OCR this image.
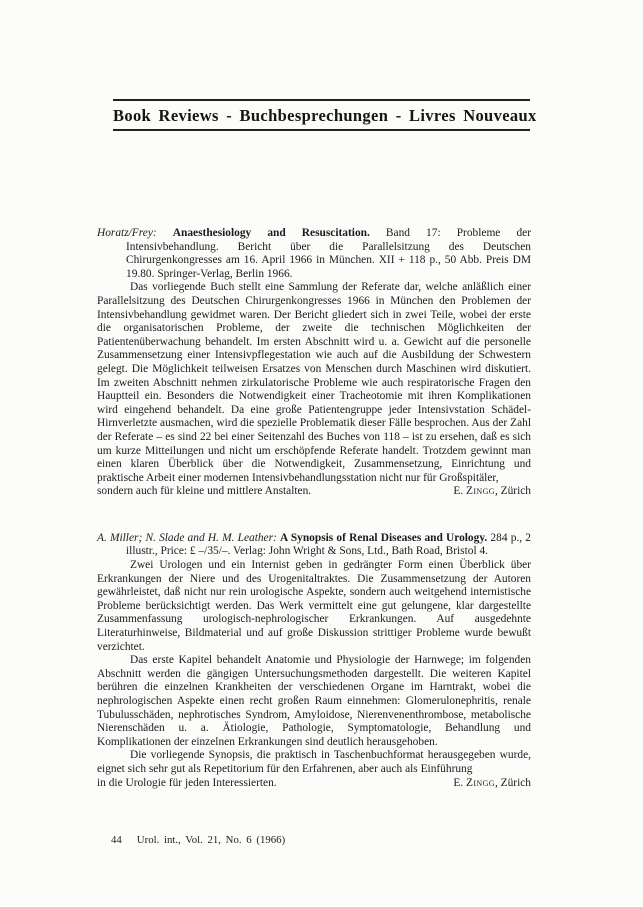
Book Reviews - Buchbesprechungen - Livres Nouveaux

Horatz/Frey: Anaesthesiology and Resuscitation. Band 17: Probleme der Intensivbehandlung. Bericht über die Parallelsitzung des Deutschen Chirurgenkongresses am 16. April 1966 in München. XII + 118 p., 50 Abb. Preis DM 19.80. Springer-Verlag, Berlin 1966.

Das vorliegende Buch stellt eine Sammlung der Referate dar, welche anläßlich einer Parallelsitzung des Deutschen Chirurgenkongresses 1966 in München den Problemen der Intensivbehandlung gewidmet waren. Der Bericht gliedert sich in zwei Teile, wobei der erste die organisatorischen Probleme, der zweite die technischen Möglichkeiten der Patientenüberwachung behandelt. Im ersten Abschnitt wird u. a. Gewicht auf die personelle Zusammensetzung einer Intensivpflegestation wie auch auf die Ausbildung der Schwestern gelegt. Die Möglichkeit teilweisen Ersatzes von Menschen durch Maschinen wird diskutiert. Im zweiten Abschnitt nehmen zirkulatorische Probleme wie auch respiratorische Fragen den Hauptteil ein. Besonders die Notwendigkeit einer Tracheotomie mit ihren Komplikationen wird eingehend behandelt. Da eine große Patientengruppe jeder Intensivstation Schädel-Hirnverletzte ausmachen, wird die spezielle Problematik dieser Fälle besprochen. Aus der Zahl der Referate – es sind 22 bei einer Seitenzahl des Buches von 118 – ist zu ersehen, daß es sich um kurze Mitteilungen und nicht um erschöpfende Referate handelt. Trotzdem gewinnt man einen klaren Überblick über die Notwendigkeit, Zusammensetzung, Einrichtung und praktische Arbeit einer modernen Intensivbehandlungsstation nicht nur für Großspitäler,

sondern auch für kleine und mittlere Anstalten.	E. Zingg, Zürich

A. Miller; N. Slade and H. M. Leather: A Synopsis of Renal Diseases and Urology. 284 p., 2 illustr., Price: £ –/35/–. Verlag: John Wright & Sons, Ltd., Bath Road, Bristol 4.

Zwei Urologen und ein Internist geben in gedrängter Form einen Überblick über Erkrankungen der Niere und des Urogenitaltraktes. Die Zusammensetzung der Autoren gewährleistet, daß nicht nur rein urologische Aspekte, sondern auch weitgehend internistische Probleme berücksichtigt werden. Das Werk vermittelt eine gut gelungene, klar dargestellte Zusammenfassung urologisch-nephrologischer Erkrankungen. Auf ausgedehnte Literaturhinweise, Bildmaterial und auf große Diskussion strittiger Probleme wurde bewußt verzichtet.

Das erste Kapitel behandelt Anatomie und Physiologie der Harnwege; im folgenden Abschnitt werden die gängigen Untersuchungsmethoden dargestellt. Die weiteren Kapitel berühren die einzelnen Krankheiten der verschiedenen Organe im Harntrakt, wobei die nephrologischen Aspekte einen recht großen Raum einnehmen: Glomerulonephritis, renale Tubulusschäden, nephrotisches Syndrom, Amyloidose, Nierenvenenthrombose, metabolische Nierenschäden u. a. Ätiologie, Pathologie, Symptomatologie, Behandlung und Komplikationen der einzelnen Erkrankungen sind deutlich herausgehoben.

Die vorliegende Synopsis, die praktisch in Taschenbuchformat herausgegeben wurde, eignet sich sehr gut als Repetitorium für den Erfahrenen, aber auch als Einführung

in die Urologie für jeden Interessierten.	E. Zingg, Zürich
44 Urol. int., Vol. 21, No. 6 (1966)
